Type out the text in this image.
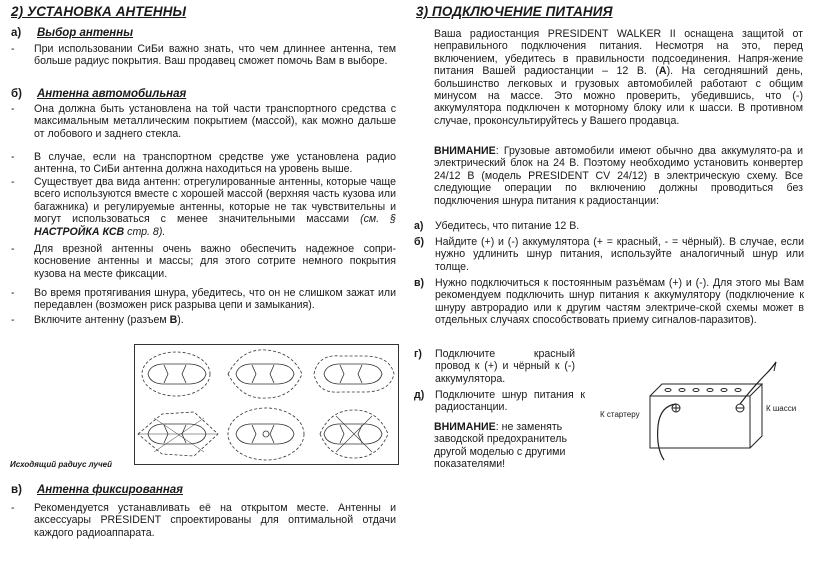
2) УСТАНОВКА АНТЕННЫ
а) Выбор антенны
- При использовании СиБи важно знать, что чем длиннее антенна, тем больше радиус покрытия. Ваш продавец сможет помочь Вам в выборе.
б) Антенна автомобильная
- Она должна быть установлена на той части транспортного средства с максимальным металлическим покрытием (массой), как можно дальше от лобового и заднего стекла.
- В случае, если на транспортном средстве уже установлена радио антенна, то СиБи антенна должна находиться на уровень выше.
- Существует два вида антенн: отрегулированные антенны, которые чаще всего используются вместе с хорошей массой (верхняя часть кузова или багажника) и регулируемые антенны, которые не так чувствительны и могут использоваться с менее значительными массами (см. § НАСТРОЙКА КСВ стр. 8).
- Для врезной антенны очень важно обеспечить надежное сопри-косновение антенны и массы; для этого сотрите немного покрытия кузова на месте фиксации.
- Во время протягивания шнура, убедитесь, что он не слишком зажат или передавлен (возможен риск разрыва цепи и замыкания).
- Включите антенну (разъем В).
Исходящий радиус лучей
в) Антенна фиксированная
- Рекомендуется устанавливать её на открытом месте. Антенны и аксессуары PRESIDENT спроектированы для оптимальной отдачи каждого радиоаппарата.
3) ПОДКЛЮЧЕНИЕ ПИТАНИЯ
Ваша радиостанция PRESIDENT WALKER II оснащена защитой от неправильного подключения питания. Несмотря на это, перед включением, убедитесь в правильности подсоединения. Напря-жение питания Вашей радиостанции – 12 В. (А). На сегодняшний день, большинство легковых и грузовых автомобилей работают с общим минусом на массе. Это можно проверить, убедившись, что (-) аккумулятора подключен к моторному блоку или к шасси. В противном случае, проконсультируйтесь у Вашего продавца.
ВНИМАНИЕ: Грузовые автомобили имеют обычно два аккумулято-ра и электрический блок на 24 В. Поэтому необходимо установить конвертер 24/12 В (модель PRESIDENT CV 24/12) в электрическую схему. Все следующие операции по включению должны проводиться без подключения шнура питания к радиостанции:
а) Убедитесь, что питание 12 В.
б) Найдите (+) и (-) аккумулятора (+ = красный, - = чёрный). В случае, если нужно удлинить шнур питания, используйте аналогичный шнур или толще.
в) Нужно подключиться к постоянным разъёмам (+) и (-). Для этого мы Вам рекомендуем подключить шнур питания к аккумулятору (подключение к шнуру автрорадио или к другим частям электриче-ской схемы может в отдельных случаях способствовать приему сигналов-паразитов).
г) Подключите красный провод к (+) и чёрный к (-) аккумулятора.
д) Подключите шнур питания к радиостанции.
ВНИМАНИЕ: не заменять заводской предохранитель другой моделью с другими показателями!
К стартеру
К шасси
